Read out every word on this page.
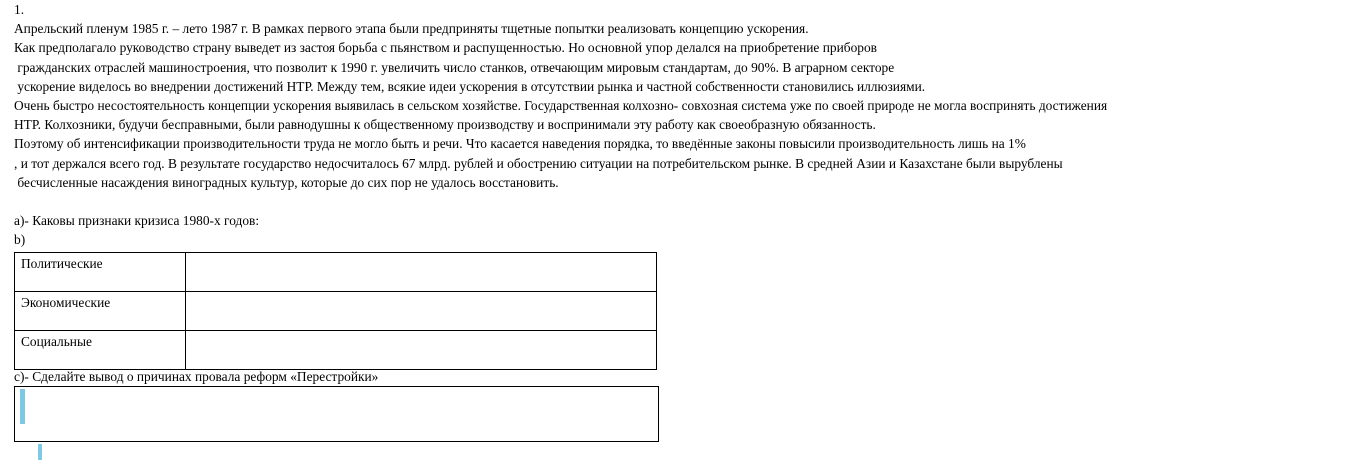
1.
Апрельский пленум 1985 г. – лето 1987 г. В рамках первого этапа были предприняты тщетные попытки реализовать концепцию ускорения.
Как предполагало руководство страну выведет из застоя борьба с пьянством и распущенностью. Но основной упор делался на приобретение приборов
гражданских отраслей машиностроения, что позволит к 1990 г. увеличить число станков, отвечающим мировым стандартам, до 90%. В аграрном секторе
ускорение виделось во внедрении достижений НТР. Между тем, всякие идеи ускорения в отсутствии рынка и частной собственности становились иллюзиями.
Очень быстро несостоятельность концепции ускорения выявилась в сельском хозяйстве. Государственная колхозно- совхозная система уже по своей природе не могла воспринять достижения
НТР. Колхозники, будучи бесправными, были равнодушны к общественному производству и воспринимали эту работу как своеобразную обязанность.
Поэтому об интенсификации производительности труда не могло быть и речи. Что касается наведения порядка, то введённые законы повысили производительность лишь на 1%
, и тот держался всего год. В результате государство недосчиталось 67 млрд. рублей и обострению ситуации на потребительском рынке. В средней Азии и Казахстане были вырублены
бесчисленные насаждения виноградных культур, которые до сих пор не удалось восстановить.
a)- Каковы признаки кризиса 1980-х годов:
b)
Политические	
Экономические	
Социальные	
c)- Сделайте вывод о причинах провала реформ «Перестройки»
